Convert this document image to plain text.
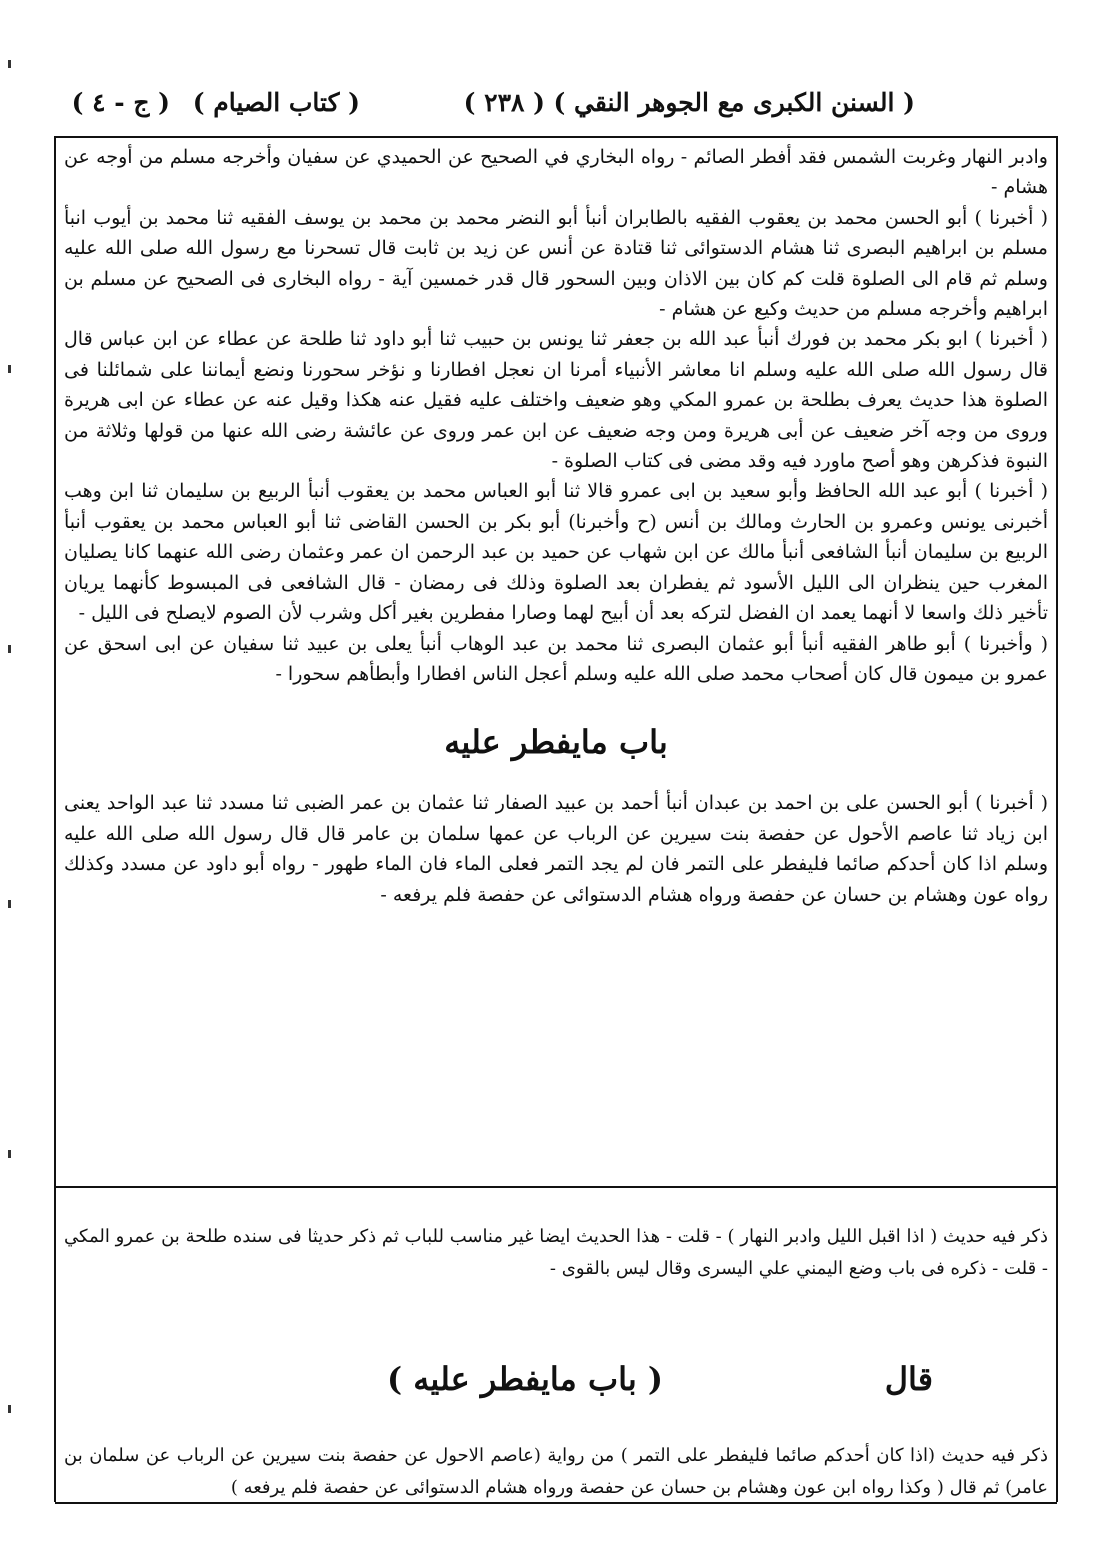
( السنن الكبرى مع الجوهر النقي )
( ٢٣٨ )
( كتاب الصيام )
( ج - ٤ )

وادبر النهار وغربت الشمس فقد أفطر الصائم - رواه البخاري في الصحيح عن الحميدي عن سفيان وأخرجه مسلم من أوجه عن هشام -

( أخبرنا ) أبو الحسن محمد بن يعقوب الفقيه بالطابران أنبأ أبو النضر محمد بن محمد بن يوسف الفقيه ثنا محمد بن أيوب انبأ مسلم بن ابراهيم البصرى ثنا هشام الدستوائى ثنا قتادة عن أنس عن زيد بن ثابت قال تسحرنا مع رسول الله صلى الله عليه وسلم ثم قام الى الصلوة قلت كم كان بين الاذان وبين السحور قال قدر خمسين آية - رواه البخارى فى الصحيح عن مسلم بن ابراهيم وأخرجه مسلم من حديث وكيع عن هشام -

( أخبرنا ) ابو بكر محمد بن فورك أنبأ عبد الله بن جعفر ثنا يونس بن حبيب ثنا أبو داود ثنا طلحة عن عطاء عن ابن عباس قال قال رسول الله صلى الله عليه وسلم انا معاشر الأنبياء أمرنا ان نعجل افطارنا و نؤخر سحورنا ونضع أيماننا على شمائلنا فى الصلوة هذا حديث يعرف بطلحة بن عمرو المكي وهو ضعيف واختلف عليه فقيل عنه هكذا وقيل عنه عن عطاء عن ابى هريرة وروى من وجه آخر ضعيف عن أبى هريرة ومن وجه ضعيف عن ابن عمر وروى عن عائشة رضى الله عنها من قولها وثلاثة من النبوة فذكرهن وهو أصح ماورد فيه وقد مضى فى كتاب الصلوة -

( أخبرنا ) أبو عبد الله الحافظ وأبو سعيد بن ابى عمرو قالا ثنا أبو العباس محمد بن يعقوب أنبأ الربيع بن سليمان ثنا ابن وهب أخبرنى يونس وعمرو بن الحارث ومالك بن أنس (ح وأخبرنا) أبو بكر بن الحسن القاضى ثنا أبو العباس محمد بن يعقوب أنبأ الربيع بن سليمان أنبأ الشافعى أنبأ مالك عن ابن شهاب عن حميد بن عبد الرحمن ان عمر وعثمان رضى الله عنهما كانا يصليان المغرب حين ينظران الى الليل الأسود ثم يفطران بعد الصلوة وذلك فى رمضان - قال الشافعى فى المبسوط كأنهما يريان تأخير ذلك واسعا لا أنهما يعمد ان الفضل لتركه بعد أن أبيح لهما وصارا مفطرين بغير أكل وشرب لأن الصوم لايصلح فى الليل -

( وأخبرنا ) أبو طاهر الفقيه أنبأ أبو عثمان البصرى ثنا محمد بن عبد الوهاب أنبأ يعلى بن عبيد ثنا سفيان عن ابى اسحق عن عمرو بن ميمون قال كان أصحاب محمد صلى الله عليه وسلم أعجل الناس افطارا وأبطأهم سحورا -

باب مايفطر عليه

( أخبرنا ) أبو الحسن على بن احمد بن عبدان أنبأ أحمد بن عبيد الصفار ثنا عثمان بن عمر الضبى ثنا مسدد ثنا عبد الواحد يعنى ابن زياد ثنا عاصم الأحول عن حفصة بنت سيرين عن الرباب عن عمها سلمان بن عامر قال قال رسول الله صلى الله عليه وسلم اذا كان أحدكم صائما فليفطر على التمر فان لم يجد التمر فعلى الماء فان الماء طهور - رواه أبو داود عن مسدد وكذلك رواه عون وهشام بن حسان عن حفصة ورواه هشام الدستوائى عن حفصة فلم يرفعه -

ذكر فيه حديث ( اذا اقبل الليل وادبر النهار ) - قلت - هذا الحديث ايضا غير مناسب للباب ثم ذكر حديثا فى سنده طلحة بن عمرو المكي - قلت - ذكره فى باب وضع اليمني علي اليسرى وقال ليس بالقوى -

قال
( باب مايفطر عليه )

ذكر فيه حديث (اذا كان أحدكم صائما فليفطر على التمر ) من رواية (عاصم الاحول عن حفصة بنت سيرين عن الرباب عن سلمان بن عامر) ثم قال ( وكذا رواه ابن عون وهشام بن حسان عن حفصة ورواه هشام الدستوائى عن حفصة فلم يرفعه )
